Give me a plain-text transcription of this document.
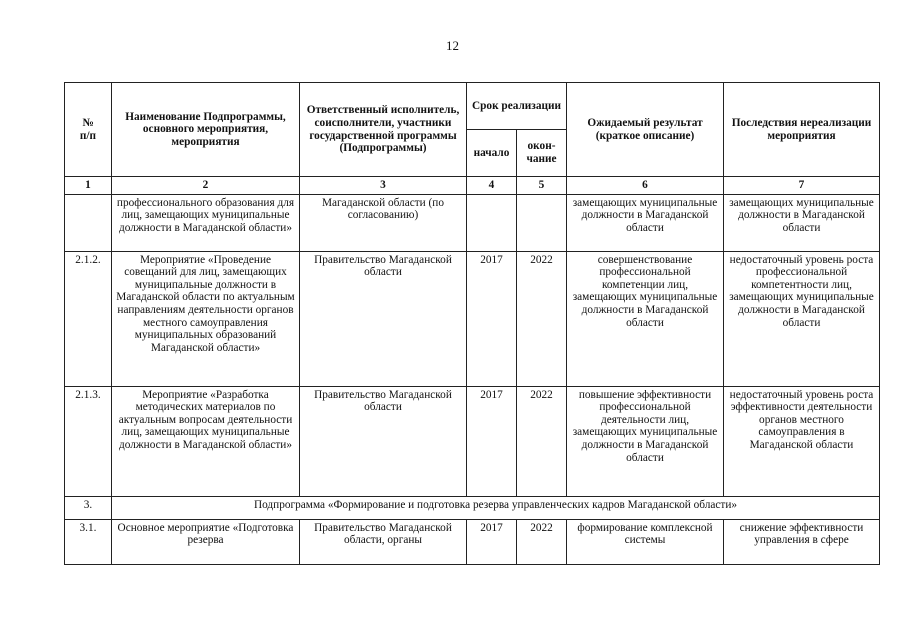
12
№
п/п	Наименование Подпрограммы, основного мероприятия, мероприятия	Ответственный исполнитель, соисполнители, участники государственной программы (Подпрограммы)	Срок реализации		Ожидаемый результат (краткое описание)	Последствия нереализации мероприятия
			начало	окон-
чание		
1	2	3	4	5	6	7
	профессионального образования для лиц, замещающих муниципальные должности в Магаданской области»	Магаданской области (по согласованию)			замещающих муниципальные должности в Магаданской области	замещающих муниципальные должности в Магаданской области
2.1.2.	Мероприятие «Проведение совещаний для лиц, замещающих муниципальные должности в Магаданской области по актуальным направлениям деятельности органов местного самоуправления муниципальных образований Магаданской области»	Правительство Магаданской области	2017	2022	совершенствование профессиональной компетенции лиц, замещающих муниципальные должности в Магаданской области	недостаточный уровень роста профессиональной компетентности лиц, замещающих муниципальные должности в Магаданской области
2.1.3.	Мероприятие «Разработка методических материалов по актуальным вопросам деятельности лиц, замещающих муниципальные должности в Магаданской области»	Правительство Магаданской области	2017	2022	повышение эффективности профессиональной деятельности лиц, замещающих муниципальные должности в Магаданской области	недостаточный уровень роста эффективности деятельности органов местного самоуправления в Магаданской области
3.	Подпрограмма «Формирование и подготовка резерва управленческих кадров Магаданской области»					
3.1.	Основное мероприятие «Подготовка резерва	Правительство Магаданской области, органы	2017	2022	формирование комплексной системы	снижение эффективности управления в сфере
